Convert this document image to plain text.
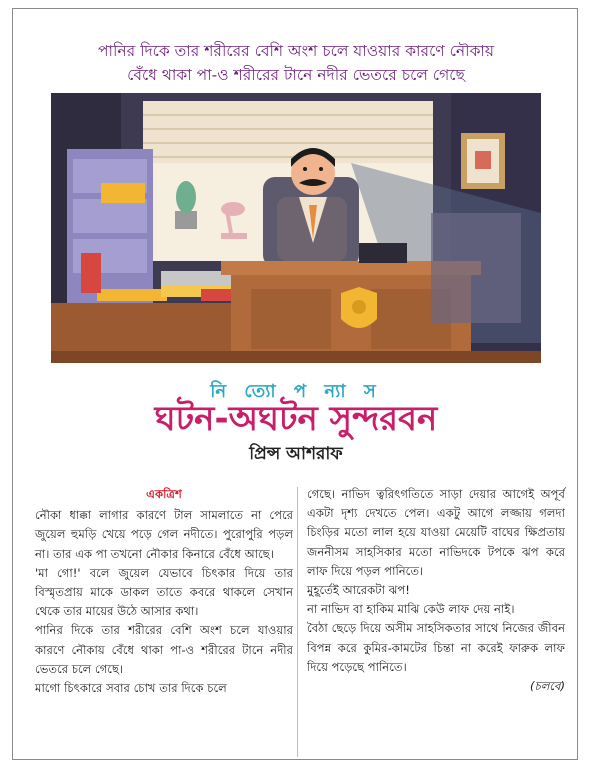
পানির দিকে তার শরীরের বেশি অংশ চলে যাওয়ার কারণে নৌকায়
বেঁধে থাকা পা-ও শরীরের টানে নদীর ভেতরে চলে গেছে
নি ত্যো প ন্যা স
ঘটন-অঘটন সুন্দরবন
প্রিন্স আশরাফ

একত্রিশ

নৌকা ধাক্কা লাগার কারণে টাল সামলাতে না পেরে জুয়েল হুমড়ি খেয়ে পড়ে গেল নদীতে। পুরোপুরি পড়ল না। তার এক পা তখনো নৌকার কিনারে বেঁধে আছে।

'মা গো!' বলে জুয়েল যেভাবে চিৎকার দিয়ে তার বিস্মৃতপ্রায় মাকে ডাকল তাতে কবরে থাকলে সেখান থেকে তার মায়ের উঠে আসার কথা।

পানির দিকে তার শরীরের বেশি অংশ চলে যাওয়ার কারণে নৌকায় বেঁধে থাকা পা-ও শরীরের টানে নদীর ভেতরে চলে গেছে।

মাগো চিৎকারে সবার চোখ তার দিকে চলে

গেছে। নাভিদ ত্বরিৎগতিতে সাড়া দেয়ার আগেই অপূর্ব একটা দৃশ্য দেখতে পেল। একটু আগে লজ্জায় গলদা চিংড়ির মতো লাল হয়ে যাওয়া মেয়েটি বাঘের ক্ষিপ্রতায় জননীসম সাহসিকার মতো নাভিদকে টপকে ঝপ করে লাফ দিয়ে পড়ল পানিতে।

মুহূর্তেই আরেকটা ঝপ!

না নাভিদ বা হাকিম মাঝি কেউ লাফ দেয় নাই।

বৈঠা ছেড়ে দিয়ে অসীম সাহসিকতার সাথে নিজের জীবন বিপন্ন করে কুমির-কামটের চিন্তা না করেই ফারুক লাফ দিয়ে পড়েছে পানিতে।

(চলবে)
